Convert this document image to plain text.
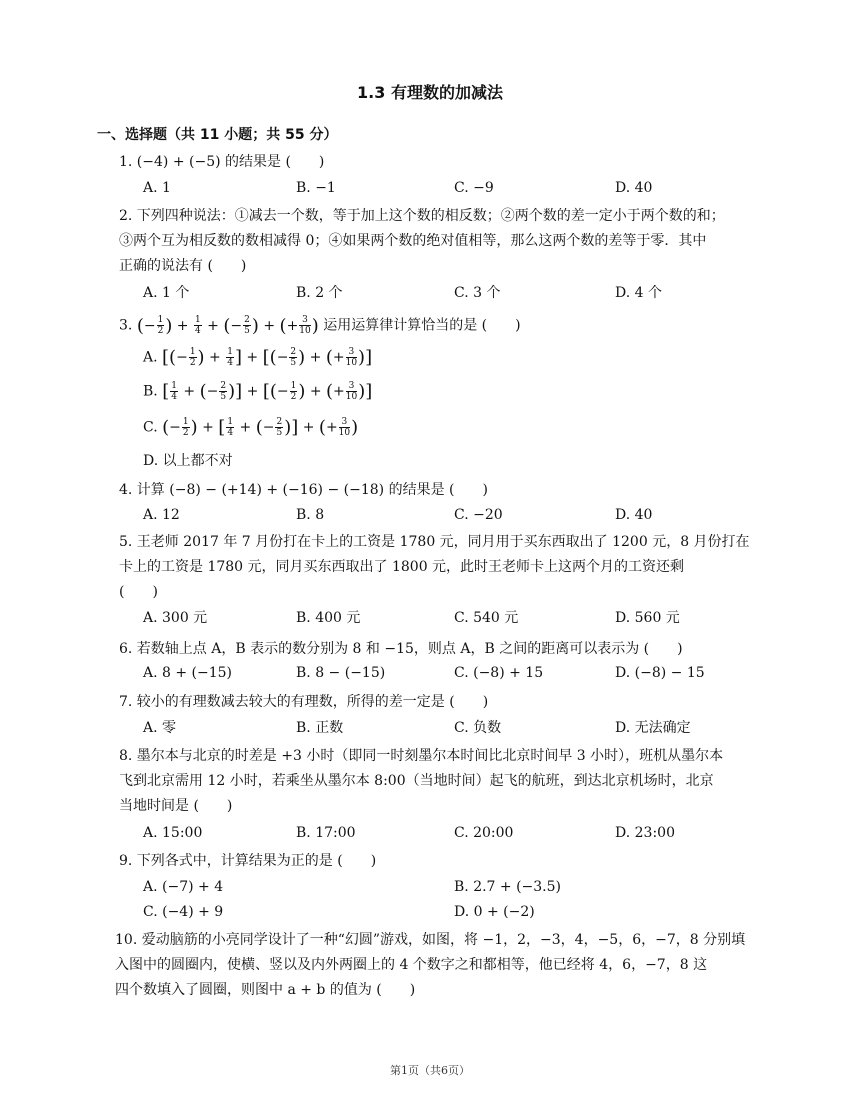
1.3 有理数的加减法
一、选择题（共 11 小题；共 55 分）
1. (−4) + (−5) 的结果是 (　　)
A. 1	B. −1	C. −9	D. 40
2. 下列四种说法：①减去一个数，等于加上这个数的相反数；②两个数的差一定小于两个数的和；
③两个互为相反数的数相减得 0；④如果两个数的绝对值相等，那么这两个数的差等于零．其中
正确的说法有 (　　)
A. 1 个	B. 2 个	C. 3 个	D. 4 个
3. (− $\frac{1}{2}$ ) + $\frac{1}{4}$ + (− $\frac{2}{5}$ ) + (+ $\frac{3}{10}$ ) 运用运算律计算恰当的是 (　　)
A. [(− $\frac{1}{2}$ ) + $\frac{1}{4}$ ] + [(− $\frac{2}{5}$ ) + (+ $\frac{3}{10}$ )]
B. [ $\frac{1}{4}$ + (− $\frac{2}{5}$ )] + [(− $\frac{1}{2}$ ) + (+ $\frac{3}{10}$ )]
C. (− $\frac{1}{2}$ ) + [ $\frac{1}{4}$ + (− $\frac{2}{5}$ )] + (+ $\frac{3}{10}$ )
D. 以上都不对
4. 计算 (−8) − (+14) + (−16) − (−18) 的结果是 (　　)
A. 12	B. 8	C. −20	D. 40
5. 王老师 2017 年 7 月份打在卡上的工资是 1780 元，同月用于买东西取出了 1200 元，8 月份打在
卡上的工资是 1780 元，同月买东西取出了 1800 元，此时王老师卡上这两个月的工资还剩
(　　)
A. 300 元	B. 400 元	C. 540 元	D. 560 元
6. 若数轴上点 A，B 表示的数分别为 8 和 −15，则点 A，B 之间的距离可以表示为 (　　)
A. 8 + (−15)	B. 8 − (−15)	C. (−8) + 15	D. (−8) − 15
7. 较小的有理数减去较大的有理数，所得的差一定是 (　　)
A. 零	B. 正数	C. 负数	D. 无法确定
8. 墨尔本与北京的时差是 +3 小时（即同一时刻墨尔本时间比北京时间早 3 小时），班机从墨尔本
飞到北京需用 12 小时，若乘坐从墨尔本 8:00（当地时间）起飞的航班，到达北京机场时，北京
当地时间是 (　　)
A. 15:00	B. 17:00	C. 20:00	D. 23:00
9. 下列各式中，计算结果为正的是 (　　)
A. (−7) + 4	B. 2.7 + (−3.5)
C. (−4) + 9	D. 0 + (−2)
10. 爱动脑筋的小亮同学设计了一种“幻圆”游戏，如图，将 −1，2，−3，4，−5，6，−7，8 分别填
入图中的圆圈内，使横、竖以及内外两圈上的 4 个数字之和都相等，他已经将 4，6，−7，8 这
四个数填入了圆圈，则图中 a + b 的值为 (　　)
第1页（共6页）
